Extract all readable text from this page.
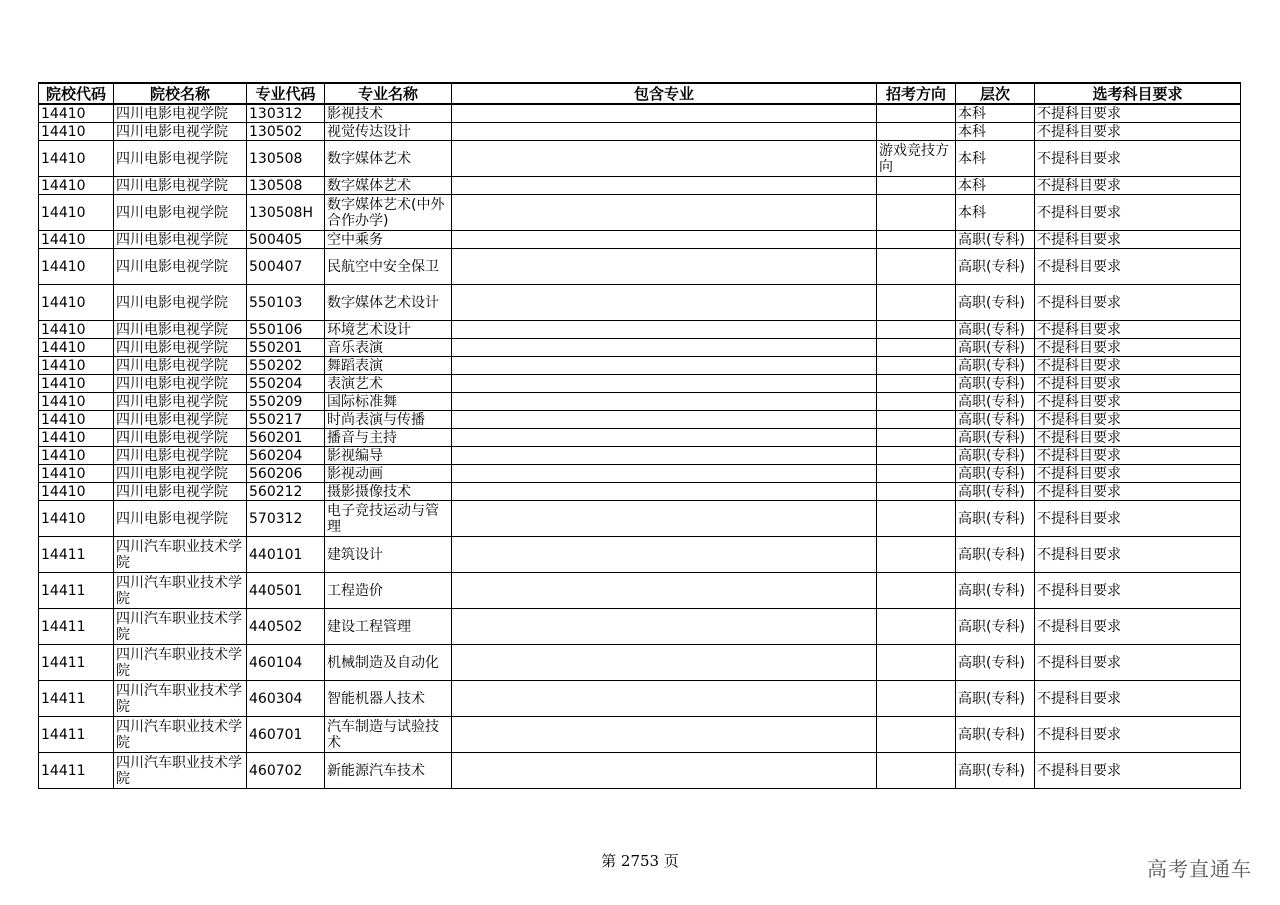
院校代码	院校名称	专业代码	专业名称	包含专业	招考方向	层次	选考科目要求

14410	四川电影电视学院	130312	影视技术			本科	不提科目要求

14410	四川电影电视学院	130502	视觉传达设计			本科	不提科目要求

14410	四川电影电视学院	130508	数字媒体艺术		游戏竞技方向	本科	不提科目要求

14410	四川电影电视学院	130508	数字媒体艺术			本科	不提科目要求

14410	四川电影电视学院	130508H	数字媒体艺术(中外合作办学)			本科	不提科目要求

14410	四川电影电视学院	500405	空中乘务			高职(专科)	不提科目要求

14410	四川电影电视学院	500407	民航空中安全保卫			高职(专科)	不提科目要求

14410	四川电影电视学院	550103	数字媒体艺术设计			高职(专科)	不提科目要求

14410	四川电影电视学院	550106	环境艺术设计			高职(专科)	不提科目要求

14410	四川电影电视学院	550201	音乐表演			高职(专科)	不提科目要求

14410	四川电影电视学院	550202	舞蹈表演			高职(专科)	不提科目要求

14410	四川电影电视学院	550204	表演艺术			高职(专科)	不提科目要求

14410	四川电影电视学院	550209	国际标准舞			高职(专科)	不提科目要求

14410	四川电影电视学院	550217	时尚表演与传播			高职(专科)	不提科目要求

14410	四川电影电视学院	560201	播音与主持			高职(专科)	不提科目要求

14410	四川电影电视学院	560204	影视编导			高职(专科)	不提科目要求

14410	四川电影电视学院	560206	影视动画			高职(专科)	不提科目要求

14410	四川电影电视学院	560212	摄影摄像技术			高职(专科)	不提科目要求

14410	四川电影电视学院	570312	电子竞技运动与管理			高职(专科)	不提科目要求

14411	四川汽车职业技术学院	440101	建筑设计			高职(专科)	不提科目要求

14411	四川汽车职业技术学院	440501	工程造价			高职(专科)	不提科目要求

14411	四川汽车职业技术学院	440502	建设工程管理			高职(专科)	不提科目要求

14411	四川汽车职业技术学院	460104	机械制造及自动化			高职(专科)	不提科目要求

14411	四川汽车职业技术学院	460304	智能机器人技术			高职(专科)	不提科目要求

14411	四川汽车职业技术学院	460701	汽车制造与试验技术			高职(专科)	不提科目要求

14411	四川汽车职业技术学院	460702	新能源汽车技术			高职(专科)	不提科目要求
第 2753 页	高考直通车
